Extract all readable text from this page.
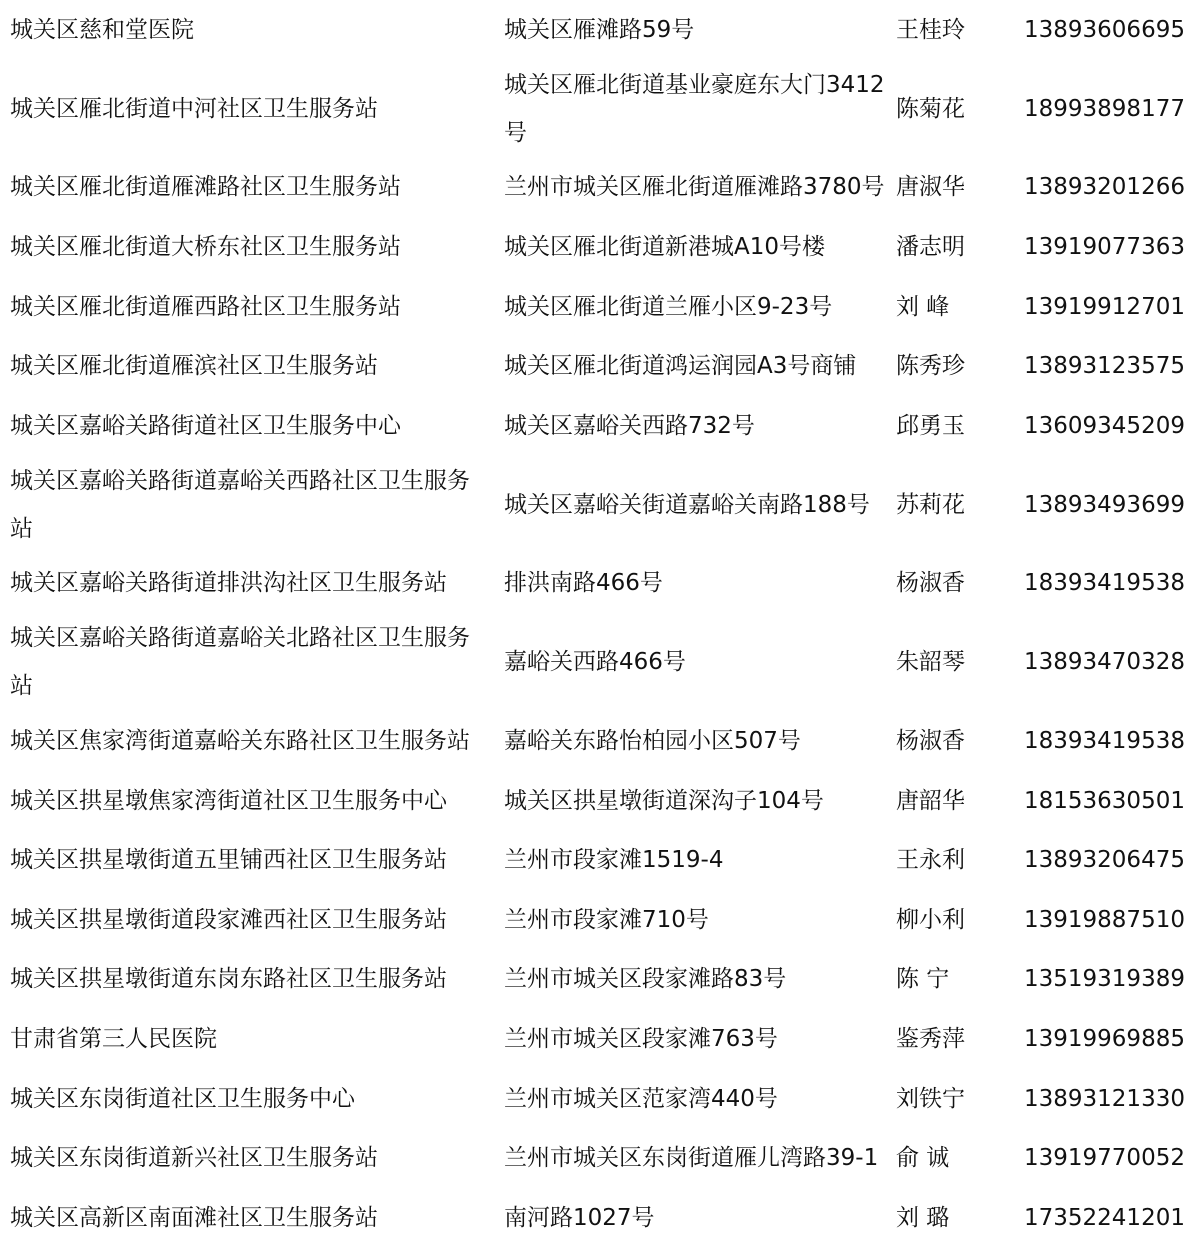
城关区慈和堂医院	城关区雁滩路59号	王桂玲	13893606695
城关区雁北街道中河社区卫生服务站	城关区雁北街道基业豪庭东大门3412号	陈菊花	18993898177
城关区雁北街道雁滩路社区卫生服务站	兰州市城关区雁北街道雁滩路3780号	唐淑华	13893201266
城关区雁北街道大桥东社区卫生服务站	城关区雁北街道新港城A10号楼	潘志明	13919077363
城关区雁北街道雁西路社区卫生服务站	城关区雁北街道兰雁小区9-23号	刘 峰	13919912701
城关区雁北街道雁滨社区卫生服务站	城关区雁北街道鸿运润园A3号商铺	陈秀珍	13893123575
城关区嘉峪关路街道社区卫生服务中心	城关区嘉峪关西路732号	邱勇玉	13609345209
城关区嘉峪关路街道嘉峪关西路社区卫生服务站	城关区嘉峪关街道嘉峪关南路188号	苏莉花	13893493699
城关区嘉峪关路街道排洪沟社区卫生服务站	排洪南路466号	杨淑香	18393419538
城关区嘉峪关路街道嘉峪关北路社区卫生服务站	嘉峪关西路466号	朱韶琴	13893470328
城关区焦家湾街道嘉峪关东路社区卫生服务站	嘉峪关东路怡柏园小区507号	杨淑香	18393419538
城关区拱星墩焦家湾街道社区卫生服务中心	城关区拱星墩街道深沟子104号	唐韶华	18153630501
城关区拱星墩街道五里铺西社区卫生服务站	兰州市段家滩1519-4	王永利	13893206475
城关区拱星墩街道段家滩西社区卫生服务站	兰州市段家滩710号	柳小利	13919887510
城关区拱星墩街道东岗东路社区卫生服务站	兰州市城关区段家滩路83号	陈 宁	13519319389
甘肃省第三人民医院	兰州市城关区段家滩763号	鉴秀萍	13919969885
城关区东岗街道社区卫生服务中心	兰州市城关区范家湾440号	刘铁宁	13893121330
城关区东岗街道新兴社区卫生服务站	兰州市城关区东岗街道雁儿湾路39-1	俞 诚	13919770052
城关区高新区南面滩社区卫生服务站	南河路1027号	刘 璐	17352241201
